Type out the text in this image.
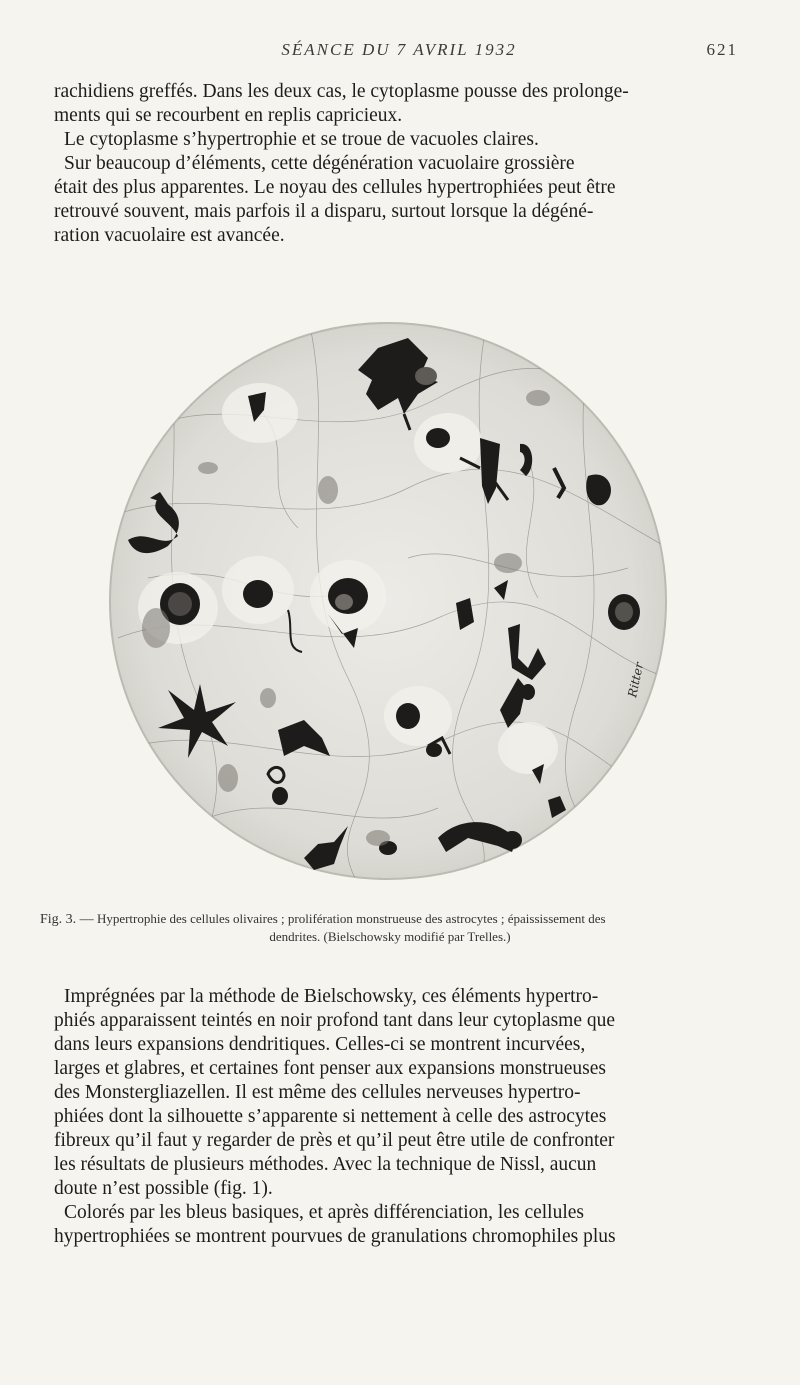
SÉANCE DU 7 AVRIL 1932	621
rachidiens greffés. Dans les deux cas, le cytoplasme pousse des prolonge-
ments qui se recourbent en replis capricieux.
Le cytoplasme s’hypertrophie et se troue de vacuoles claires.
Sur beaucoup d’éléments, cette dégénération vacuolaire grossière
était des plus apparentes. Le noyau des cellules hypertrophiées peut être
retrouvé souvent, mais parfois il a disparu, surtout lorsque la dégéné-
ration vacuolaire est avancée.
Ritter
Fig. 3. — Hypertrophie des cellules olivaires ; prolifération monstrueuse des astrocytes ; épaississement des
dendrites. (Bielschowsky modifié par Trelles.)
Imprégnées par la méthode de Bielschowsky, ces éléments hypertro-
phiés apparaissent teintés en noir profond tant dans leur cytoplasme que
dans leurs expansions dendritiques. Celles-ci se montrent incurvées,
larges et glabres, et certaines font penser aux expansions monstrueuses
des Monstergliazellen. Il est même des cellules nerveuses hypertro-
phiées dont la silhouette s’apparente si nettement à celle des astrocytes
fibreux qu’il faut y regarder de près et qu’il peut être utile de confronter
les résultats de plusieurs méthodes. Avec la technique de Nissl, aucun
doute n’est possible (fig. 1).
Colorés par les bleus basiques, et après différenciation, les cellules
hypertrophiées se montrent pourvues de granulations chromophiles plus
